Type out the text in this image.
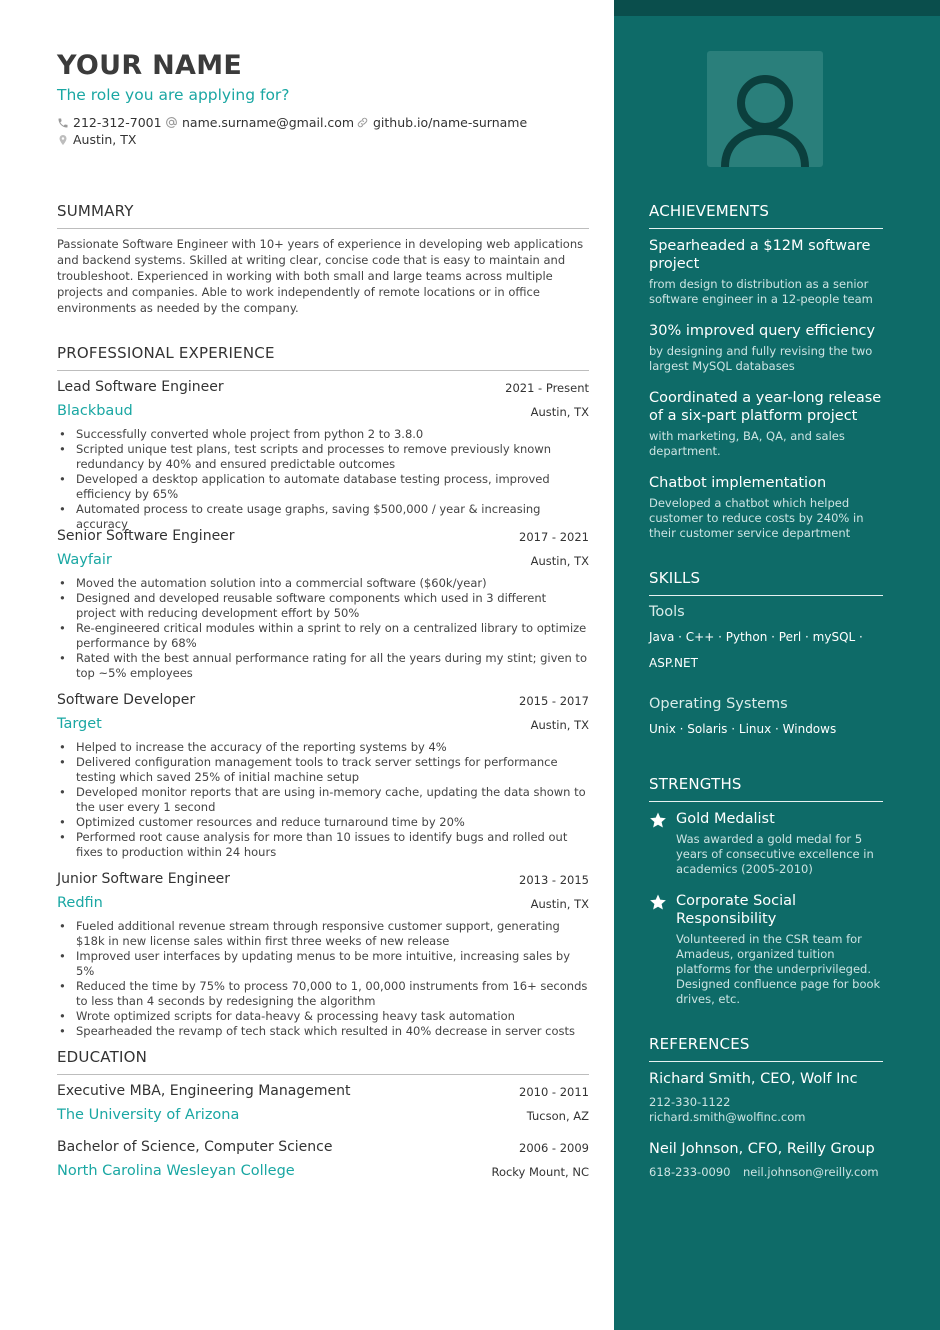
YOUR NAME
The role you are applying for?
212-312-7001 name.surname@gmail.com github.io/name-surname
Austin, TX
SUMMARY
Passionate Software Engineer with 10+ years of experience in developing web applications and backend systems. Skilled at writing clear, concise code that is easy to maintain and troubleshoot. Experienced in working with both small and large teams across multiple projects and companies. Able to work independently of remote locations or in office environments as needed by the company.
PROFESSIONAL EXPERIENCE
Lead Software Engineer	2021 - Present
Blackbaud	Austin, TX
• Successfully converted whole project from python 2 to 3.8.0
• Scripted unique test plans, test scripts and processes to remove previously known redundancy by 40% and ensured predictable outcomes
• Developed a desktop application to automate database testing process, improved efficiency by 65%
• Automated process to create usage graphs, saving $500,000 / year & increasing accuracy
Senior Software Engineer	2017 - 2021
Wayfair	Austin, TX
• Moved the automation solution into a commercial software ($60k/year)
• Designed and developed reusable software components which used in 3 different project with reducing development effort by 50%
• Re-engineered critical modules within a sprint to rely on a centralized library to optimize performance by 68%
• Rated with the best annual performance rating for all the years during my stint; given to top ~5% employees
Software Developer	2015 - 2017
Target	Austin, TX
• Helped to increase the accuracy of the reporting systems by 4%
• Delivered configuration management tools to track server settings for performance testing which saved 25% of initial machine setup
• Developed monitor reports that are using in-memory cache, updating the data shown to the user every 1 second
• Optimized customer resources and reduce turnaround time by 20%
• Performed root cause analysis for more than 10 issues to identify bugs and rolled out fixes to production within 24 hours
Junior Software Engineer	2013 - 2015
Redfin	Austin, TX
• Fueled additional revenue stream through responsive customer support, generating $18k in new license sales within first three weeks of new release
• Improved user interfaces by updating menus to be more intuitive, increasing sales by 5%
• Reduced the time by 75% to process 70,000 to 1, 00,000 instruments from 16+ seconds to less than 4 seconds by redesigning the algorithm
• Wrote optimized scripts for data-heavy & processing heavy task automation
• Spearheaded the revamp of tech stack which resulted in 40% decrease in server costs
EDUCATION
Executive MBA, Engineering Management	2010 - 2011
The University of Arizona	Tucson, AZ
Bachelor of Science, Computer Science	2006 - 2009
North Carolina Wesleyan College	Rocky Mount, NC
ACHIEVEMENTS
Spearheaded a $12M software project
from design to distribution as a senior software engineer in a 12-people team
30% improved query efficiency
by designing and fully revising the two largest MySQL databases
Coordinated a year-long release of a six-part platform project
with marketing, BA, QA, and sales department.
Chatbot implementation
Developed a chatbot which helped customer to reduce costs by 240% in their customer service department
SKILLS
Tools
Java · C++ · Python · Perl · mySQL ·
ASP.NET
Operating Systems
Unix · Solaris · Linux · Windows
STRENGTHS
Gold Medalist
Was awarded a gold medal for 5 years of consecutive excellence in academics (2005-2010)
Corporate Social Responsibility
Volunteered in the CSR team for Amadeus, organized tuition platforms for the underprivileged. Designed confluence page for book drives, etc.
REFERENCES
Richard Smith, CEO, Wolf Inc
212-330-1122
richard.smith@wolfinc.com
Neil Johnson, CFO, Reilly Group
618-233-0090 neil.johnson@reilly.com
